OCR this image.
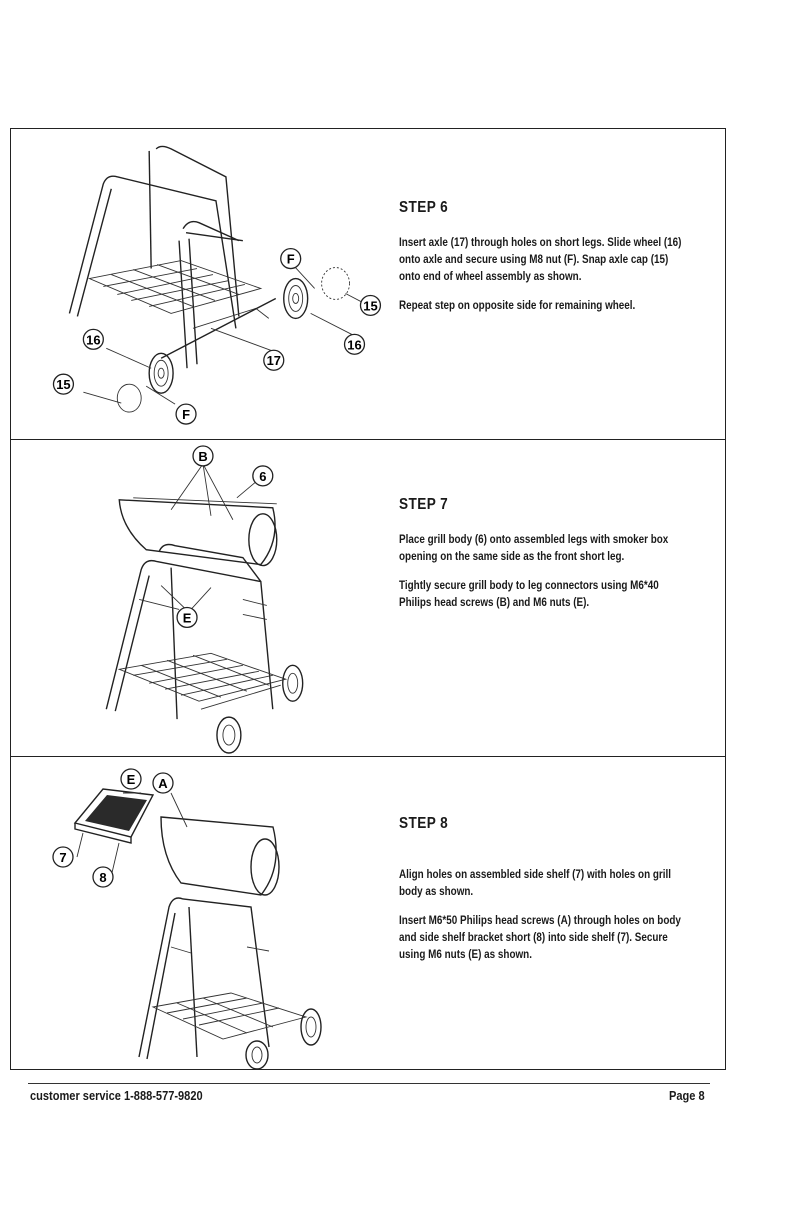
F
15
16
16
17
15
F

STEP 6

Insert axle (17) through holes on short legs. Slide wheel (16) onto axle and secure using M8 nut (F). Snap axle cap (15) onto end of wheel assembly as shown.

Repeat step on opposite side for remaining wheel.

B
6
E

STEP 7

Place grill body (6) onto assembled legs with smoker box opening on the same side as the front short leg.

Tightly secure grill body to leg connectors using M6*40 Philips head screws (B) and M6 nuts (E).

E A
7
8

STEP 8

Align holes on assembled side shelf (7) with holes on grill body as shown.

Insert M6*50 Philips head screws (A) through holes on body and side shelf bracket short (8) into side shelf (7). Secure using M6 nuts (E) as shown.

customer service 1-888-577-9820	Page 8
